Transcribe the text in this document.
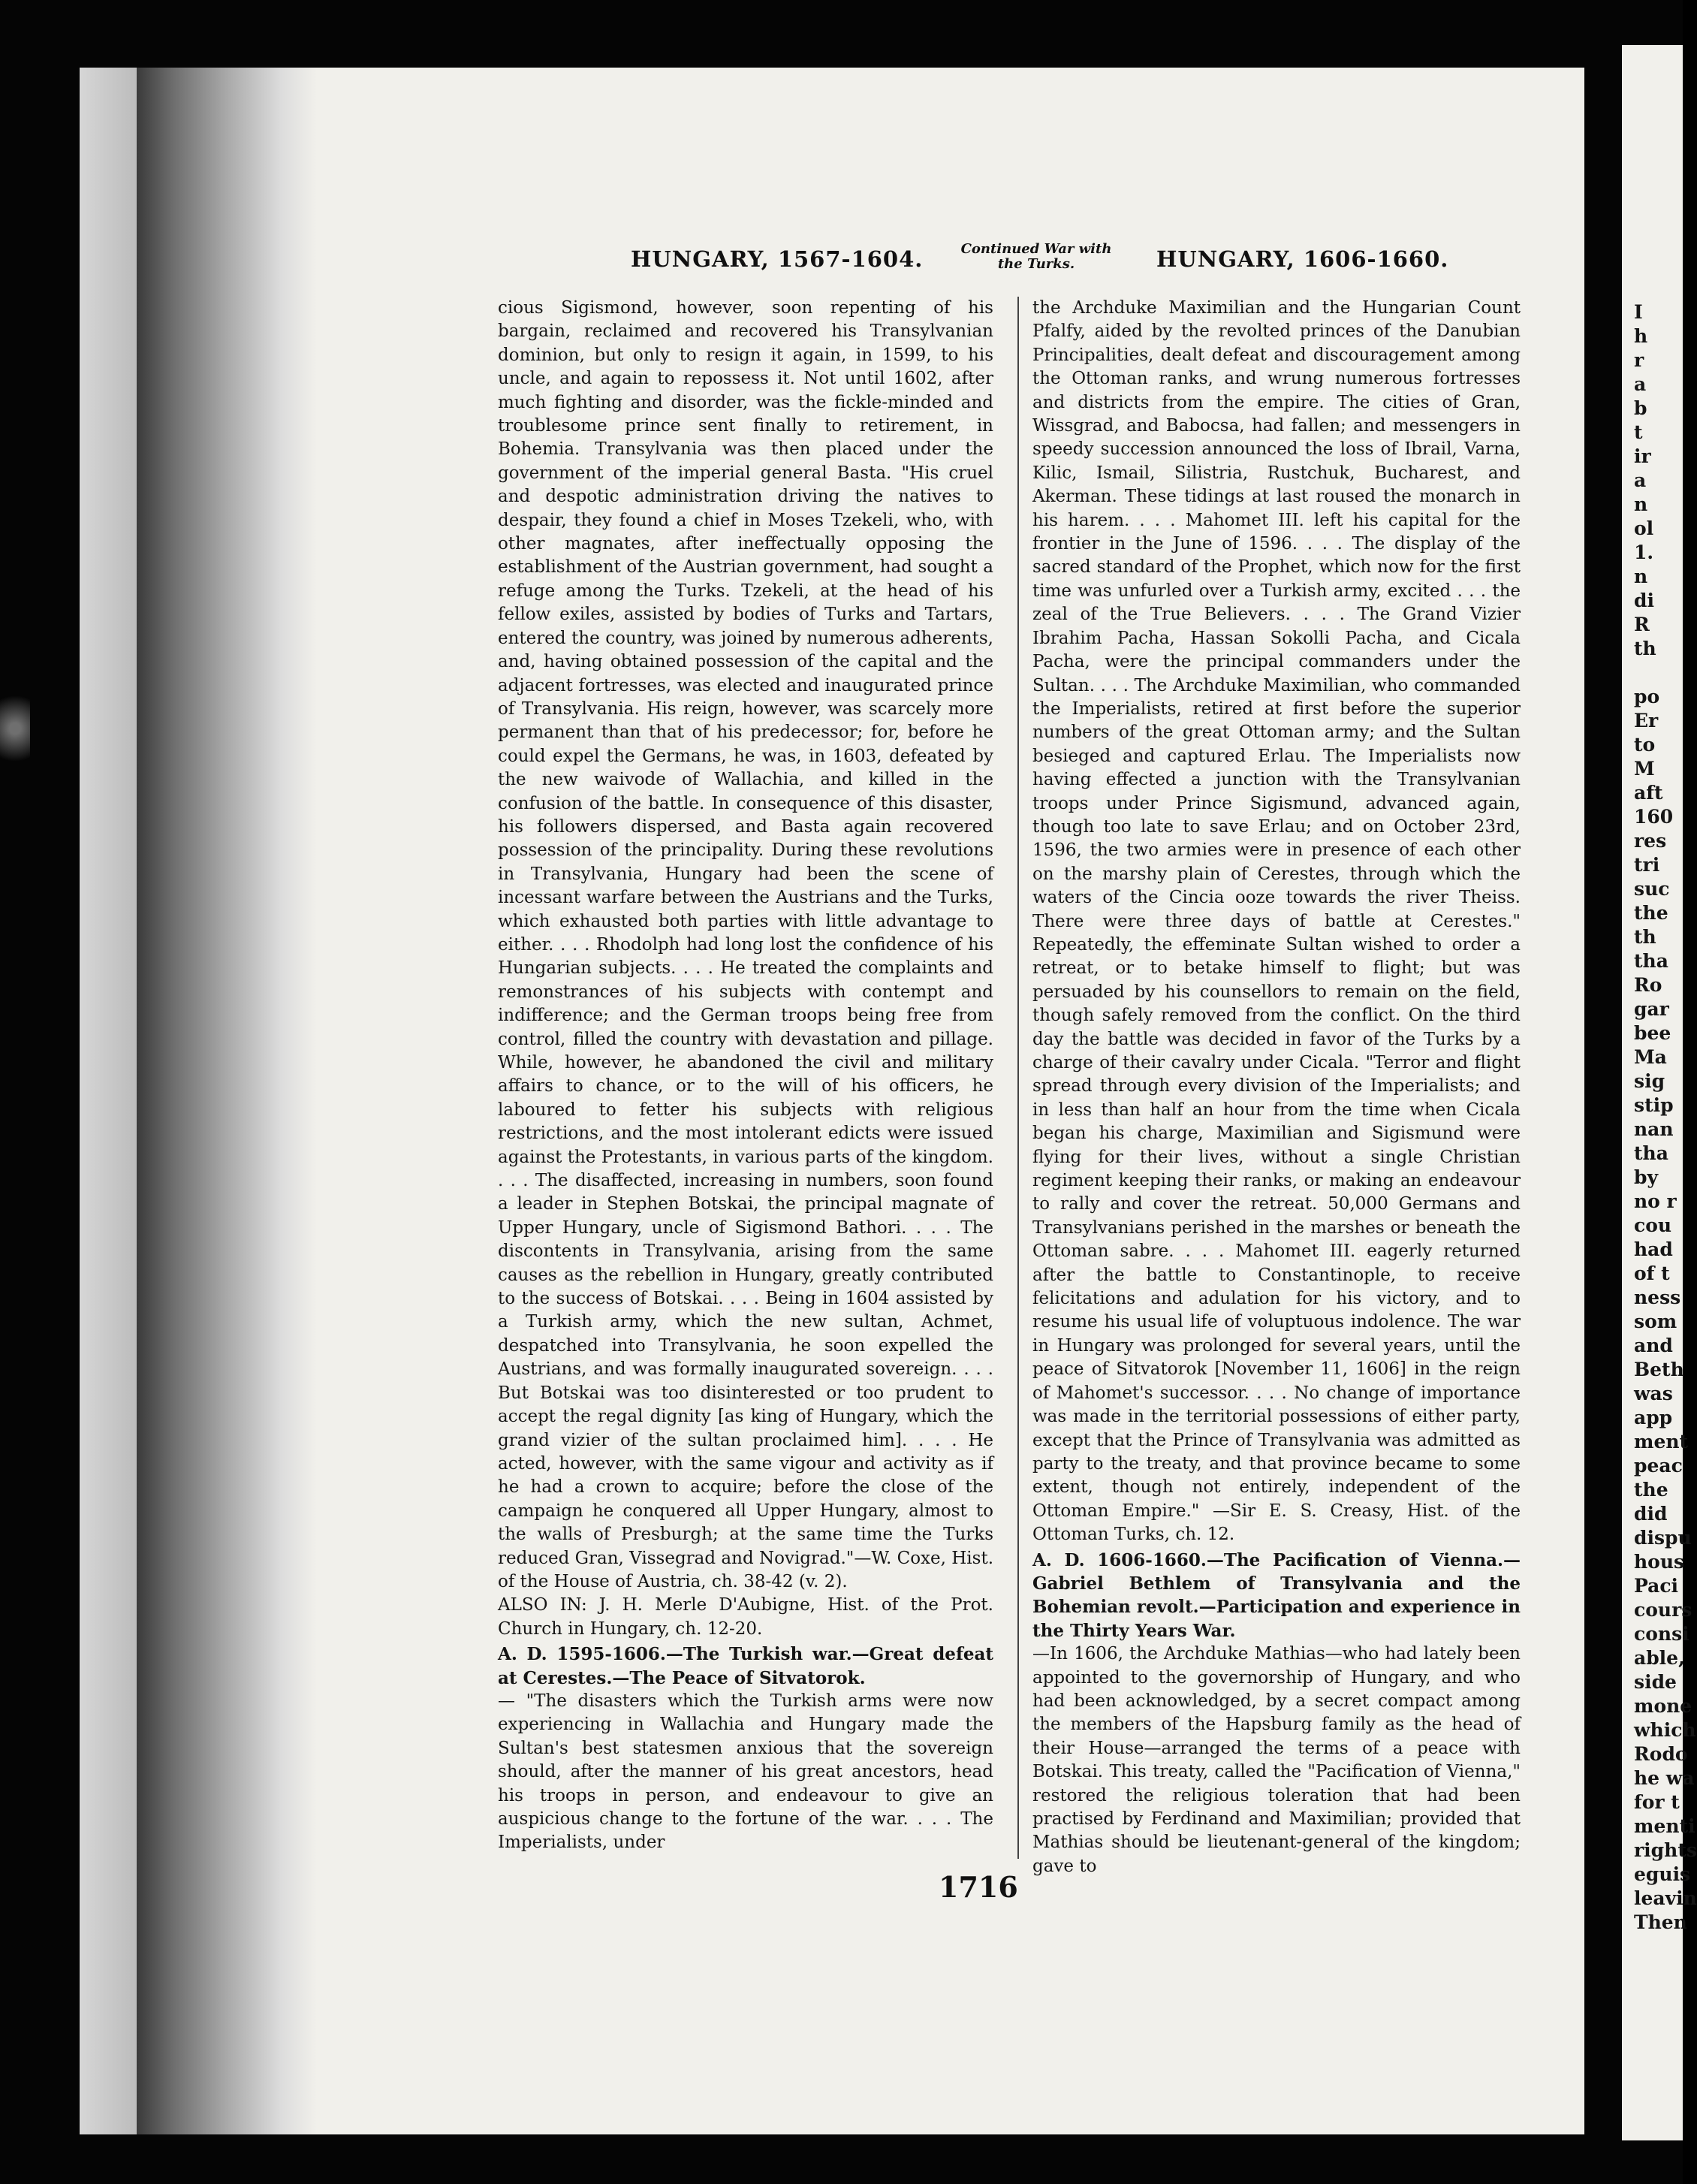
I
h
r
a
b
t
ir
a
n
ol
1.
n
di
R
th

po
Er
to
M
aft
160
res
tri
suc
the
th
tha
Ro
gar
bee
Ma
sig
stip
nan
tha
by
no r
cou
had
of t
ness
som
and
Beth
was
app
ment
peac
the
did
dispu
hous
Paci
cours
consi
able,
side
mone
which
Rodo
he wa
for t
menti
rights
eguis
leavin
Then
HUNGARY, 1567-1604.	Continued War with
the Turks.	HUNGARY, 1606-1660.

cious Sigismond, however, soon repenting of his bargain, reclaimed and recovered his Transylvanian dominion, but only to resign it again, in 1599, to his uncle, and again to repossess it. Not until 1602, after much fighting and disorder, was the fickle-minded and troublesome prince sent finally to retirement, in Bohemia. Transylvania was then placed under the government of the imperial general Basta. "His cruel and despotic administration driving the natives to despair, they found a chief in Moses Tzekeli, who, with other magnates, after ineffectually opposing the establishment of the Austrian government, had sought a refuge among the Turks. Tzekeli, at the head of his fellow exiles, assisted by bodies of Turks and Tartars, entered the country, was joined by numerous adherents, and, having obtained possession of the capital and the adjacent fortresses, was elected and inaugurated prince of Transylvania. His reign, however, was scarcely more permanent than that of his predecessor; for, before he could expel the Germans, he was, in 1603, defeated by the new waivode of Wallachia, and killed in the confusion of the battle. In consequence of this disaster, his followers dispersed, and Basta again recovered possession of the principality. During these revolutions in Transylvania, Hungary had been the scene of incessant warfare between the Austrians and the Turks, which exhausted both parties with little advantage to either. . . . Rhodolph had long lost the confidence of his Hungarian subjects. . . . He treated the complaints and remonstrances of his subjects with contempt and indifference; and the German troops being free from control, filled the country with devastation and pillage. While, however, he abandoned the civil and military affairs to chance, or to the will of his officers, he laboured to fetter his subjects with religious restrictions, and the most intolerant edicts were issued against the Protestants, in various parts of the kingdom. . . . The disaffected, increasing in numbers, soon found a leader in Stephen Botskai, the principal magnate of Upper Hungary, uncle of Sigismond Bathori. . . . The discontents in Transylvania, arising from the same causes as the rebellion in Hungary, greatly contributed to the success of Botskai. . . . Being in 1604 assisted by a Turkish army, which the new sultan, Achmet, despatched into Transylvania, he soon expelled the Austrians, and was formally inaugurated sovereign. . . . But Botskai was too disinterested or too prudent to accept the regal dignity [as king of Hungary, which the grand vizier of the sultan proclaimed him]. . . . He acted, however, with the same vigour and activity as if he had a crown to acquire; before the close of the campaign he conquered all Upper Hungary, almost to the walls of Presburgh; at the same time the Turks reduced Gran, Vissegrad and Novigrad."—W. Coxe, Hist. of the House of Austria, ch. 38-42 (v. 2).

ALSO IN: J. H. Merle D'Aubigne, Hist. of the Prot. Church in Hungary, ch. 12-20.

A. D. 1595-1606.—The Turkish war.—Great defeat at Cerestes.—The Peace of Sitvatorok.

— "The disasters which the Turkish arms were now experiencing in Wallachia and Hungary made the Sultan's best statesmen anxious that the sovereign should, after the manner of his great ancestors, head his troops in person, and endeavour to give an auspicious change to the fortune of the war. . . . The Imperialists, under

the Archduke Maximilian and the Hungarian Count Pfalfy, aided by the revolted princes of the Danubian Principalities, dealt defeat and discouragement among the Ottoman ranks, and wrung numerous fortresses and districts from the empire. The cities of Gran, Wissgrad, and Babocsa, had fallen; and messengers in speedy succession announced the loss of Ibrail, Varna, Kilic, Ismail, Silistria, Rustchuk, Bucharest, and Akerman. These tidings at last roused the monarch in his harem. . . . Mahomet III. left his capital for the frontier in the June of 1596. . . . The display of the sacred standard of the Prophet, which now for the first time was unfurled over a Turkish army, excited . . . the zeal of the True Believers. . . . The Grand Vizier Ibrahim Pacha, Hassan Sokolli Pacha, and Cicala Pacha, were the principal commanders under the Sultan. . . . The Archduke Maximilian, who commanded the Imperialists, retired at first before the superior numbers of the great Ottoman army; and the Sultan besieged and captured Erlau. The Imperialists now having effected a junction with the Transylvanian troops under Prince Sigismund, advanced again, though too late to save Erlau; and on October 23rd, 1596, the two armies were in presence of each other on the marshy plain of Cerestes, through which the waters of the Cincia ooze towards the river Theiss. There were three days of battle at Cerestes." Repeatedly, the effeminate Sultan wished to order a retreat, or to betake himself to flight; but was persuaded by his counsellors to remain on the field, though safely removed from the conflict. On the third day the battle was decided in favor of the Turks by a charge of their cavalry under Cicala. "Terror and flight spread through every division of the Imperialists; and in less than half an hour from the time when Cicala began his charge, Maximilian and Sigismund were flying for their lives, without a single Christian regiment keeping their ranks, or making an endeavour to rally and cover the retreat. 50,000 Germans and Transylvanians perished in the marshes or beneath the Ottoman sabre. . . . Mahomet III. eagerly returned after the battle to Constantinople, to receive felicitations and adulation for his victory, and to resume his usual life of voluptuous indolence. The war in Hungary was prolonged for several years, until the peace of Sitvatorok [November 11, 1606] in the reign of Mahomet's successor. . . . No change of importance was made in the territorial possessions of either party, except that the Prince of Transylvania was admitted as party to the treaty, and that province became to some extent, though not entirely, independent of the Ottoman Empire." —Sir E. S. Creasy, Hist. of the Ottoman Turks, ch. 12.

A. D. 1606-1660.—The Pacification of Vienna.—Gabriel Bethlem of Transylvania and the Bohemian revolt.—Participation and experience in the Thirty Years War.

—In 1606, the Archduke Mathias—who had lately been appointed to the governorship of Hungary, and who had been acknowledged, by a secret compact among the members of the Hapsburg family as the head of their House—arranged the terms of a peace with Botskai. This treaty, called the "Pacification of Vienna," restored the religious toleration that had been practised by Ferdinand and Maximilian; provided that Mathias should be lieutenant-general of the kingdom; gave to

1716
